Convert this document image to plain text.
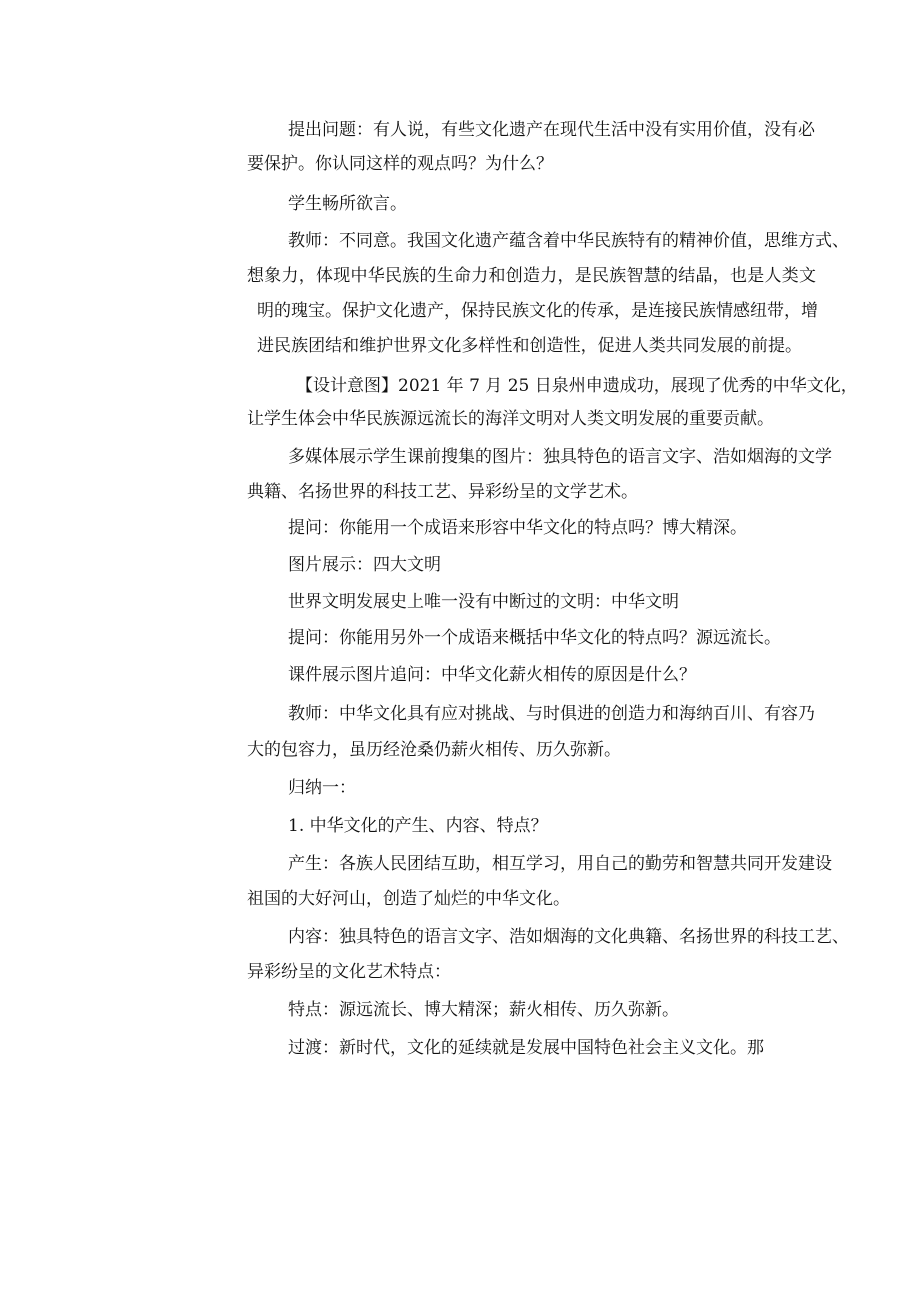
提出问题：有人说，有些文化遗产在现代生活中没有实用价值，没有必

要保护。你认同这样的观点吗？为什么？

学生畅所欲言。

教师：不同意。我国文化遗产蕴含着中华民族特有的精神价值，思维方式、

想象力，体现中华民族的生命力和创造力，是民族智慧的结晶，也是人类文

明的瑰宝。保护文化遗产，保持民族文化的传承，是连接民族情感纽带，增

进民族团结和维护世界文化多样性和创造性，促进人类共同发展的前提。

【设计意图】2021 年 7 月 25 日泉州申遗成功，展现了优秀的中华文化，

让学生体会中华民族源远流长的海洋文明对人类文明发展的重要贡献。

多媒体展示学生课前搜集的图片：独具特色的语言文字、浩如烟海的文学

典籍、名扬世界的科技工艺、异彩纷呈的文学艺术。

提问：你能用一个成语来形容中华文化的特点吗？博大精深。

图片展示：四大文明

世界文明发展史上唯一没有中断过的文明：中华文明

提问：你能用另外一个成语来概括中华文化的特点吗？源远流长。

课件展示图片追问：中华文化薪火相传的原因是什么？

教师：中华文化具有应对挑战、与时俱进的创造力和海纳百川、有容乃

大的包容力，虽历经沧桑仍薪火相传、历久弥新。

归纳一：

1. 中华文化的产生、内容、特点？

产生：各族人民团结互助，相互学习，用自己的勤劳和智慧共同开发建设

祖国的大好河山，创造了灿烂的中华文化。

内容：独具特色的语言文字、浩如烟海的文化典籍、名扬世界的科技工艺、

异彩纷呈的文化艺术特点：

特点：源远流长、博大精深；薪火相传、历久弥新。

过渡：新时代，文化的延续就是发展中国特色社会主义文化。那
